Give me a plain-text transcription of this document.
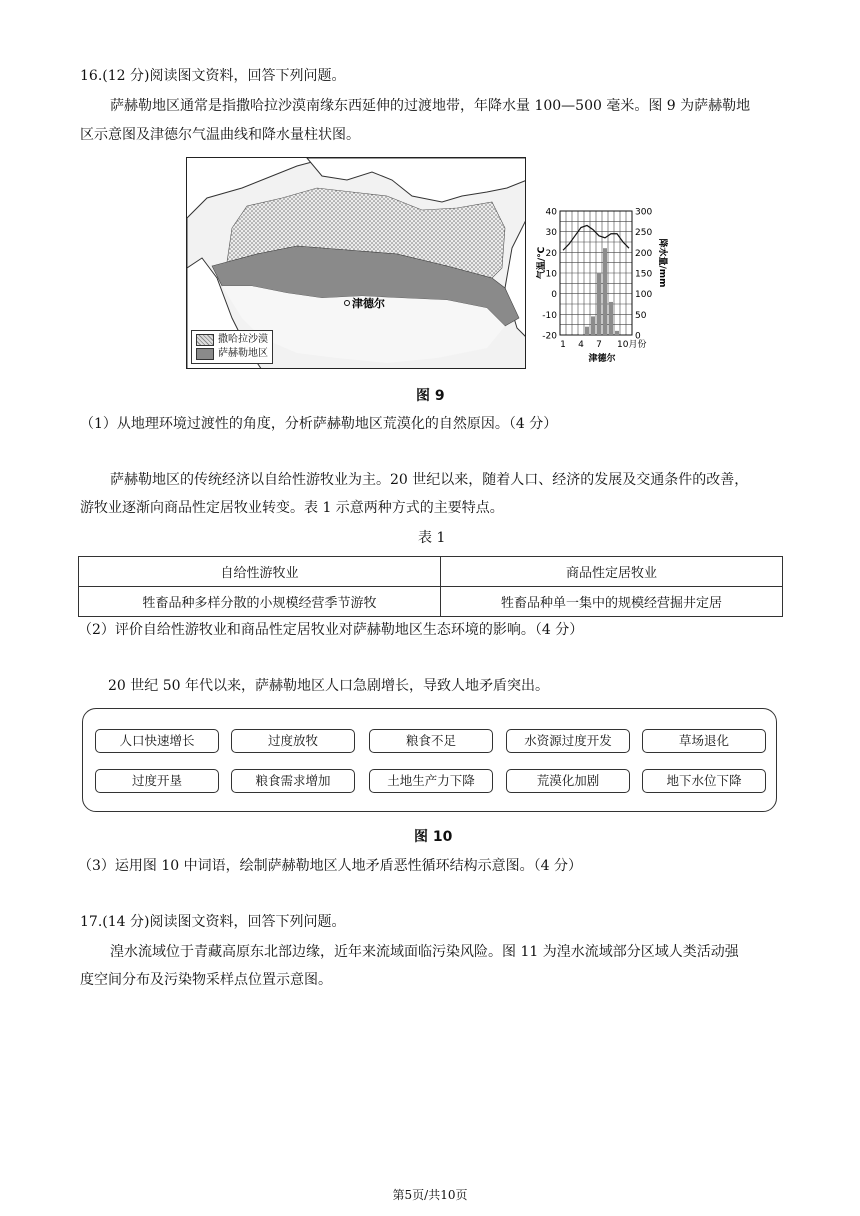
16.(12 分)阅读图文资料，回答下列问题。
萨赫勒地区通常是指撒哈拉沙漠南缘东西延伸的过渡地带，年降水量 100—500 毫米。图 9 为萨赫勒地
区示意图及津德尔气温曲线和降水量柱状图。
津德尔
撒哈拉沙漠
萨赫勒地区
40
30
20
10
0
-10
-20
300
250
200
150
100
50
0
1 4 7 10月份
气温/℃	降水量/mm
津德尔
图 9
（1）从地理环境过渡性的角度，分析萨赫勒地区荒漠化的自然原因。（4 分）
萨赫勒地区的传统经济以自给性游牧业为主。20 世纪以来，随着人口、经济的发展及交通条件的改善，
游牧业逐渐向商品性定居牧业转变。表 1 示意两种方式的主要特点。
表 1
自给性游牧业	商品性定居牧业
牲畜品种多样分散的小规模经营季节游牧	牲畜品种单一集中的规模经营掘井定居
（2）评价自给性游牧业和商品性定居牧业对萨赫勒地区生态环境的影响。（4 分）
20 世纪 50 年代以来，萨赫勒地区人口急剧增长，导致人地矛盾突出。
人口快速增长	过度放牧	粮食不足	水资源过度开发	草场退化
过度开垦	粮食需求增加	土地生产力下降	荒漠化加剧	地下水位下降
图 10
（3）运用图 10 中词语，绘制萨赫勒地区人地矛盾恶性循环结构示意图。（4 分）
17.(14 分)阅读图文资料，回答下列问题。
湟水流域位于青藏高原东北部边缘，近年来流域面临污染风险。图 11 为湟水流域部分区域人类活动强
度空间分布及污染物采样点位置示意图。
第5页/共10页
